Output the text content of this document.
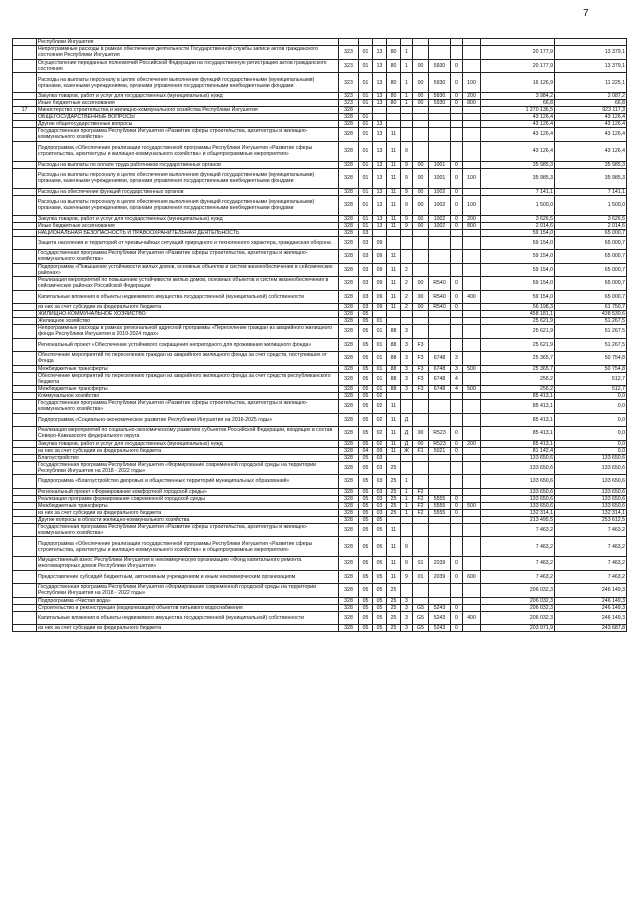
7
	Республики Ингушетия											
	Непрограммные расходы в рамках обеспечения деятельности Государственной службы записи актов гражданского состояния Республики Ингушетия	323	01	13	80	1					20 177,9	13 379,1
	Осуществление переданных полномочий Российской Федерации на государственную регистрацию актов гражданского состояния	323	01	13	80	1	00	5930	0		20 177,9	13 379,1
	Расходы на выплаты персоналу в целях обеспечения выполнения функций государственными (муниципальными) органами, казенными учреждениями, органами управления государственными внебюджетными фондами	323	01	13	80	1	00	5930	0	100	16 126,9	11 225,1
	Закупка товаров, работ и услуг для государственных (муниципальных) нужд	323	01	13	80	1	00	5930	0	200	3 984,2	2 087,2
	Иные бюджетные ассигнования	323	01	13	80	1	00	5930	0	800	66,8	66,8
17	Министерство строительства и жилищно-коммунального хозяйства Республики Ингушетия	328									1 270 136,5	923 117,3
	ОБЩЕГОСУДАРСТВЕННЫЕ ВОПРОСЫ	328	01								43 126,4	43 126,4
	Другие общегосударственные вопросы	328	01	13							43 126,4	43 126,4
	Государственная программа Республики Ингушетия «Развитие сферы строительства, архитектуры и жилищно-коммунального хозяйства»	328	01	13	11						43 126,4	43 126,4
	Подпрограмма «Обеспечение реализации государственной программы Республики Ингушетия «Развитие сферы строительства, архитектуры и жилищно-коммунального хозяйства» и общепрограммные мероприятия»	328	01	13	11	9					43 126,4	43 126,4
	Расходы на выплаты по оплате труда работников государственных органов	328	01	13	11	9	00	1001	0		35 985,3	35 985,3
	Расходы на выплаты персоналу в целях обеспечения выполнения функций государственными (муниципальными) органами, казенными учреждениями, органами управления государственными внебюджетными фондами	328	01	13	11	9	00	1001	0	100	35 985,3	35 985,3
	Расходы на обеспечение функций государственных органов	328	01	13	11	9	00	1002	0		7 141,1	7 141,1
	Расходы на выплаты персоналу в целях обеспечения выполнения функций государственными (муниципальными) органами, казенными учреждениями, органами управления государственными внебюджетными фондами	328	01	13	11	9	00	1002	0	100	1 500,0	1 500,0
	Закупка товаров, работ и услуг для государственных (муниципальных) нужд	328	01	13	11	9	00	1002	0	200	3 626,5	3 626,5
	Иные бюджетные ассигнования	328	01	13	11	9	00	1002	0	800	2 014,6	2 014,6
	НАЦИОНАЛЬНАЯ БЕЗОПАСНОСТЬ И ПРАВООХРАНИТЕЛЬНАЯ ДЕЯТЕЛЬНОСТЬ	328	03								59 154,0	65 000,7
	Защита населения и территорий от чрезвычайных ситуаций природного и техногенного характера, гражданская оборона	328	03	09							59 154,0	65 000,7
	Государственная программа Республики Ингушетия «Развитие сферы строительства, архитектуры и жилищно-коммунального хозяйства»	328	03	09	11						59 154,0	65 000,7
	Подпрограмма «Повышение устойчивости жилых домов, основных объектов и систем жизнеобеспечения в сейсмических районах»	328	03	09	11	2					59 154,0	65 000,7
	Реализация мероприятий по повышению устойчивости жилых домов, основных объектов и систем жизнеобеспечения в сейсмических районах Российской Федерации	328	03	09	11	2	00	R540	0		59 154,0	65 000,7
	Капитальные вложения в объекты недвижимого имущества государственной (муниципальной) собственности	328	03	09	11	2	00	R540	0	400	59 154,0	65 000,7
	из них за счет субсидии из федерального бюджета	328	03	09	11	2	00	R540	0		56 198,3	61 750,7
	ЖИЛИЩНО-КОММУНАЛЬНОЕ ХОЗЯЙСТВО	328	05								458 181,1	438 530,6
	Жилищное хозяйство	328	05	01							25 621,9	51 267,5
	Непрограммные расходы в рамках региональной адресной программы «Переселение граждан из аварийного жилищного фонда Республики Ингушетия в 2019-2024 годах»	328	05	01	88	3					25 621,9	51 267,5
	Региональный проект «Обеспечение устойчивого сокращения непригодного для проживания жилищного фонда»	328	05	01	88	3	F3				25 621,9	51 267,5
	Обеспечение мероприятий по переселению граждан из аварийного жилищного фонда за счет средств, поступивших от Фонда	328	05	01	88	3	F3	6748	3		25 365,7	50 754,8
	Межбюджетные трансферты	328	05	01	88	3	F3	6748	3	500	25 365,7	50 754,8
	Обеспечение мероприятий по переселению граждан из аварийного жилищного фонда за счет средств республиканского бюджета	328	05	01	88	3	F3	6748	4		256,2	512,7
	Межбюджетные трансферты	328	05	01	88	3	F3	6748	4	500	256,2	512,7
	Коммунальное хозяйство	328	05	02							85 413,1	0,0
	Государственная программа Республики Ингушетия «Развитие сферы строительства, архитектуры и жилищно-коммунального хозяйства»	328	05	02	11						85 413,1	0,0
	Подпрограмма «Социально-экономическое развитие Республики Ингушетия на 2016-2025 годы»	328	05	02	11	Д					85 413,1	0,0
	Реализация мероприятий по социально-экономическому развитию субъектов Российской Федерации, входящих в состав Северо-Кавказского федерального округа	328	05	02	11	Д	00	R523	0		85 413,1	0,0
	Закупка товаров, работ и услуг для государственных (муниципальных) нужд	328	05	02	11	Д	00	R523	0	200	85 413,1	0,0
	из них за счет субсидии из федерального бюджета	328	04	09	11	Ж	F1	5021	0		81 142,4	0,0
	Благоустройство	328	05	03							133 650,6	133 650,6
	Государственная программа Республики Ингушетия «Формирование современной городской среды на территории Республики Ингушетия на 2018 - 2022 годы»	328	05	03	25						133 650,6	133 650,6
	Подпрограмма «Благоустройство дворовых и общественных территорий муниципальных образований»	328	05	03	25	1					133 650,6	133 650,6
	Региональный проект «Формирование комфортной городской среды»	328	05	03	25	1	F2				133 650,6	133 650,6
	Реализация программ формирования современной городской среды	328	05	03	25	1	F2	5555	0		133 650,6	133 650,6
	Межбюджетные трансферты	328	05	03	25	1	F2	5555	0	500	133 650,6	133 650,6
	из них за счет субсидии из федерального бюджета	328	05	03	25	1	F2	5555	0		132 314,1	132 314,1
	Другие вопросы в области жилищно-коммунального хозяйства	328	05	05							213 495,5	253 612,5
	Государственная программа Республики Ингушетия «Развитие сферы строительства, архитектуры и жилищно-коммунального хозяйства»	328	05	05	11						7 463,2	7 463,2
	Подпрограмма «Обеспечение реализации государственной программы Республики Ингушетия «Развитие сферы строительства, архитектуры и жилищно-коммунального хозяйства» и общепрограммные мероприятия»	328	05	05	11	9					7 463,2	7 463,2
	Имущественный взнос Республики Ингушетия в некоммерческую организацию «Фонд капитального ремонта многоквартирных домов Республики Ингушетия»	328	05	05	11	9	01	2039	0		7 463,2	7 463,2
	Предоставление субсидий бюджетным, автономным учреждениям и иным некоммерческим организациям	328	05	05	11	9	01	2039	0	600	7 463,2	7 463,2
	Государственная программа Республики Ингушетия «Формирование современной городской среды на территории Республики Ингушетия на 2018 - 2022 годы»	328	05	05	25						206 032,3	246 149,3
	Подпрограмма «Чистая вода»	328	05	05	25	3					206 032,3	246 149,3
	Строительство и реконструкция (модернизация) объектов питьевого водоснабжения	328	05	05	25	3	G5	5243	0		206 032,3	246 149,3
	Капитальные вложения в объекты недвижимого имущества государственной (муниципальной) собственности	328	05	05	25	3	G5	5243	0	400	206 032,3	246 149,3
	из них за счет субсидии из федерального бюджета	328	05	05	25	3	G5	5243	0		203 971,9	243 687,8
